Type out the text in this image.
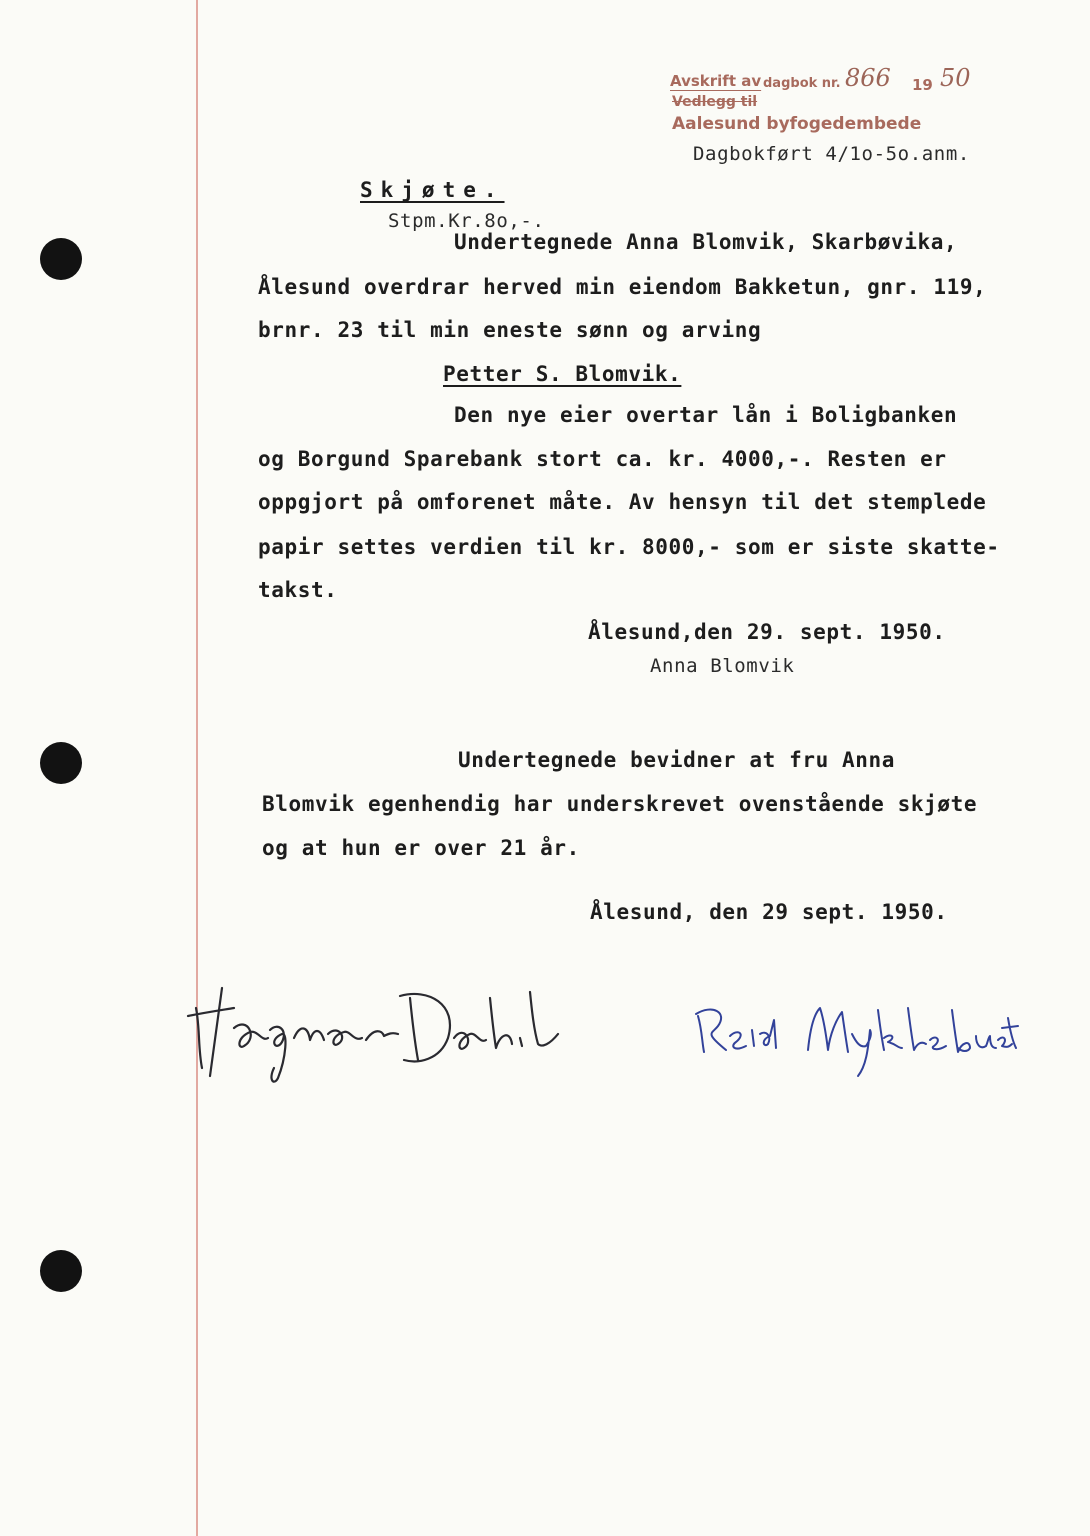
Avskrift av dagbok nr. 866 19 50
Vedlegg til
Aalesund byfogedembede
Dagbokført 4/1o-5o.anm.
Skjøte.
Stpm.Kr.8o,-.
Undertegnede Anna Blomvik, Skarbøvika,
Ålesund overdrar herved min eiendom Bakketun, gnr. 119,
brnr. 23 til min eneste sønn og arving
Petter S. Blomvik.
Den nye eier overtar lån i Boligbanken
og Borgund Sparebank stort ca. kr. 4000,-. Resten er
oppgjort på omforenet måte. Av hensyn til det stemplede
papir settes verdien til kr. 8000,- som er siste skatte-
takst.
Ålesund,den 29. sept. 1950.
Anna Blomvik
Undertegnede bevidner at fru Anna
Blomvik egenhendig har underskrevet ovenstående skjøte
og at hun er over 21 år.
Ålesund, den 29 sept. 1950.
